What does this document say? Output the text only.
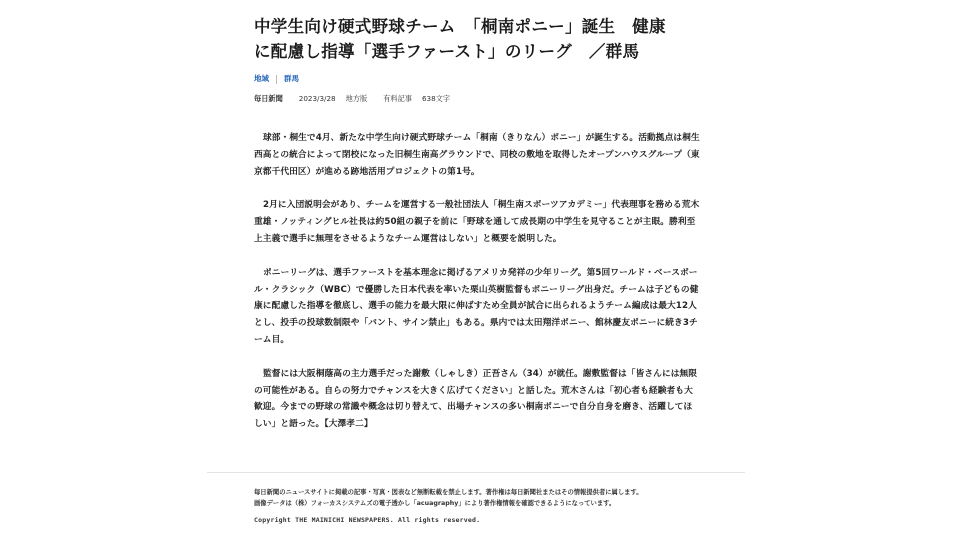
中学生向け硬式野球チーム　「桐南ポニー」誕生　健康
に配慮し指導「選手ファースト」のリーグ　／群馬
地域 群馬
毎日新聞 2023/3/28 地方版 有料記事 638文字

球部・桐生で4月、新たな中学生向け硬式野球チーム「桐南（きりなん）ポニー」が誕生する。活動拠点は桐生西高との統合によって閉校になった旧桐生南高グラウンドで、同校の敷地を取得したオープンハウスグループ（東京都千代田区）が進める跡地活用プロジェクトの第1号。

2月に入団説明会があり、チームを運営する一般社団法人「桐生南スポーツアカデミー」代表理事を務める荒木重雄・ノッティングヒル社長は約50組の親子を前に「野球を通して成長期の中学生を見守ることが主眼。勝利至上主義で選手に無理をさせるようなチーム運営はしない」と概要を説明した。

ポニーリーグは、選手ファーストを基本理念に掲げるアメリカ発祥の少年リーグ。第5回ワールド・ベースボール・クラシック（WBC）で優勝した日本代表を率いた栗山英樹監督もポニーリーグ出身だ。チームは子どもの健康に配慮した指導を徹底し、選手の能力を最大限に伸ばすため全員が試合に出られるようチーム編成は最大12人とし、投手の投球数制限や「バント、サイン禁止」もある。県内では太田翔洋ポニー、館林慶友ポニーに続き3チーム目。

監督には大阪桐蔭高の主力選手だった謝敷（しゃしき）正吾さん（34）が就任。謝敷監督は「皆さんには無限の可能性がある。自らの努力でチャンスを大きく広げてください」と話した。荒木さんは「初心者も経験者も大歓迎。今までの野球の常識や概念は切り替えて、出場チャンスの多い桐南ポニーで自分自身を磨き、活躍してほしい」と語った。【大澤孝二】

毎日新聞のニュースサイトに掲載の記事・写真・図表など無断転載を禁止します。著作権は毎日新聞社またはその情報提供者に属します。
画像データは（株）フォーカスシステムズの電子透かし「acuagraphy」により著作権情報を確認できるようになっています。
Copyright THE MAINICHI NEWSPAPERS. All rights reserved.
